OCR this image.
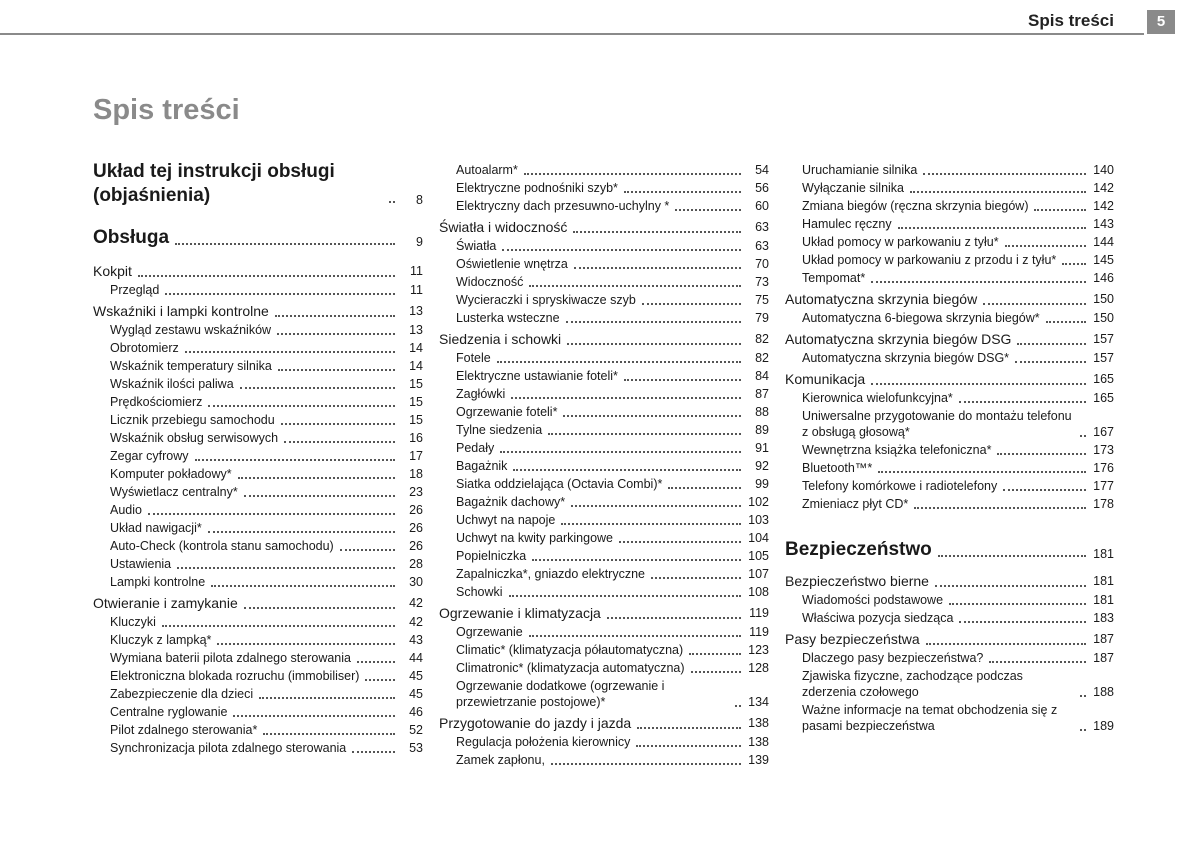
Spis treści	5
Spis treści
Układ tej instrukcji obsługi (objaśnienia)	8
Obsługa	9
Kokpit	11
Przegląd	11
Wskaźniki i lampki kontrolne	13
Wygląd zestawu wskaźników	13
Obrotomierz	14
Wskaźnik temperatury silnika	14
Wskaźnik ilości paliwa	15
Prędkościomierz	15
Licznik przebiegu samochodu	15
Wskaźnik obsług serwisowych	16
Zegar cyfrowy	17
Komputer pokładowy*	18
Wyświetlacz centralny*	23
Audio	26
Układ nawigacji*	26
Auto-Check (kontrola stanu samochodu)	26
Ustawienia	28
Lampki kontrolne	30
Otwieranie i zamykanie	42
Kluczyki	42
Kluczyk z lampką*	43
Wymiana baterii pilota zdalnego sterowania	44
Elektroniczna blokada rozruchu (immobiliser)	45
Zabezpieczenie dla dzieci	45
Centralne ryglowanie	46
Pilot zdalnego sterowania*	52
Synchronizacja pilota zdalnego sterowania	53
Autoalarm*	54
Elektryczne podnośniki szyb*	56
Elektryczny dach przesuwno-uchylny *	60
Światła i widoczność	63
Światła	63
Oświetlenie wnętrza	70
Widoczność	73
Wycieraczki i spryskiwacze szyb	75
Lusterka wsteczne	79
Siedzenia i schowki	82
Fotele	82
Elektryczne ustawianie foteli*	84
Zagłówki	87
Ogrzewanie foteli*	88
Tylne siedzenia	89
Pedały	91
Bagażnik	92
Siatka oddzielająca (Octavia Combi)*	99
Bagażnik dachowy*	102
Uchwyt na napoje	103
Uchwyt na kwity parkingowe	104
Popielniczka	105
Zapalniczka*, gniazdo elektryczne	107
Schowki	108
Ogrzewanie i klimatyzacja	119
Ogrzewanie	119
Climatic* (klimatyzacja półautomatyczna)	123
Climatronic* (klimatyzacja automatyczna)	128
Ogrzewanie dodatkowe (ogrzewanie i przewietrzanie postojowe)*	134
Przygotowanie do jazdy i jazda	138
Regulacja położenia kierownicy	138
Zamek zapłonu,	139
Uruchamianie silnika	140
Wyłączanie silnika	142
Zmiana biegów (ręczna skrzynia biegów)	142
Hamulec ręczny	143
Układ pomocy w parkowaniu z tyłu*	144
Układ pomocy w parkowaniu z przodu i z tyłu*	145
Tempomat*	146
Automatyczna skrzynia biegów	150
Automatyczna 6-biegowa skrzynia biegów*	150
Automatyczna skrzynia biegów DSG	157
Automatyczna skrzynia biegów DSG*	157
Komunikacja	165
Kierownica wielofunkcyjna*	165
Uniwersalne przygotowanie do montażu telefonu z obsługą głosową*	167
Wewnętrzna książka telefoniczna*	173
Bluetooth™*	176
Telefony komórkowe i radiotelefony	177
Zmieniacz płyt CD*	178
Bezpieczeństwo	181
Bezpieczeństwo bierne	181
Wiadomości podstawowe	181
Właściwa pozycja siedząca	183
Pasy bezpieczeństwa	187
Dlaczego pasy bezpieczeństwa?	187
Zjawiska fizyczne, zachodzące podczas zderzenia czołowego	188
Ważne informacje na temat obchodzenia się z pasami bezpieczeństwa	189
